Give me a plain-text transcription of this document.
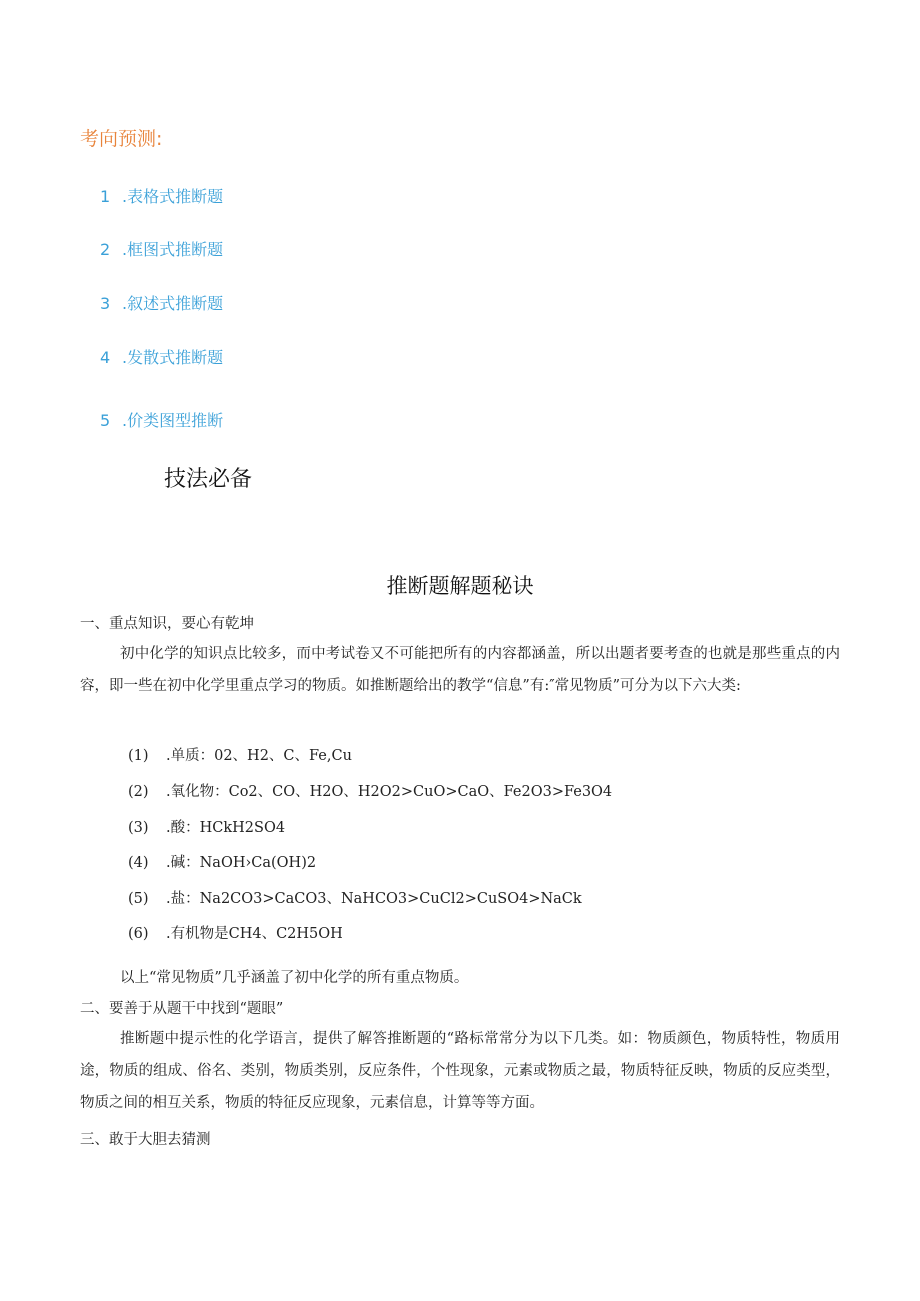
考向预测:
1 .表格式推断题
2 .框图式推断题
3 .叙述式推断题
4 .发散式推断题
5 .价类图型推断
技法必备
推断题解题秘诀
一、重点知识，要心有乾坤
初中化学的知识点比较多，而中考试卷又不可能把所有的内容都涵盖，所以出题者要考查的也就是那些重点的内容，即一些在初中化学里重点学习的物质。如推断题给出的教学“信息”有:″常见物质”可分为以下六大类:
(1) .单质：02、H2、C、Fe,Cu
(2) .氧化物：Co2、CO、H2O、H2O2>CuO>CaO、Fe2O3>Fe3O4
(3) .酸：HCkH2SO4
(4) .碱：NaOH›Ca(OH)2
(5) .盐：Na2CO3>CaCO3、NaHCO3>CuCl2>CuSO4>NaCk
(6) .有机物是CH4、C2H5OH
以上“常见物质”几乎涵盖了初中化学的所有重点物质。
二、要善于从题干中找到“题眼”
推断题中提示性的化学语言，提供了解答推断题的“路标常常分为以下几类。如：物质颜色，物质特性，物质用途，物质的组成、俗名、类别，物质类别，反应条件，个性现象，元素或物质之最，物质特征反映，物质的反应类型，物质之间的相互关系，物质的特征反应现象，元素信息，计算等等方面。
三、敢于大胆去猜测
